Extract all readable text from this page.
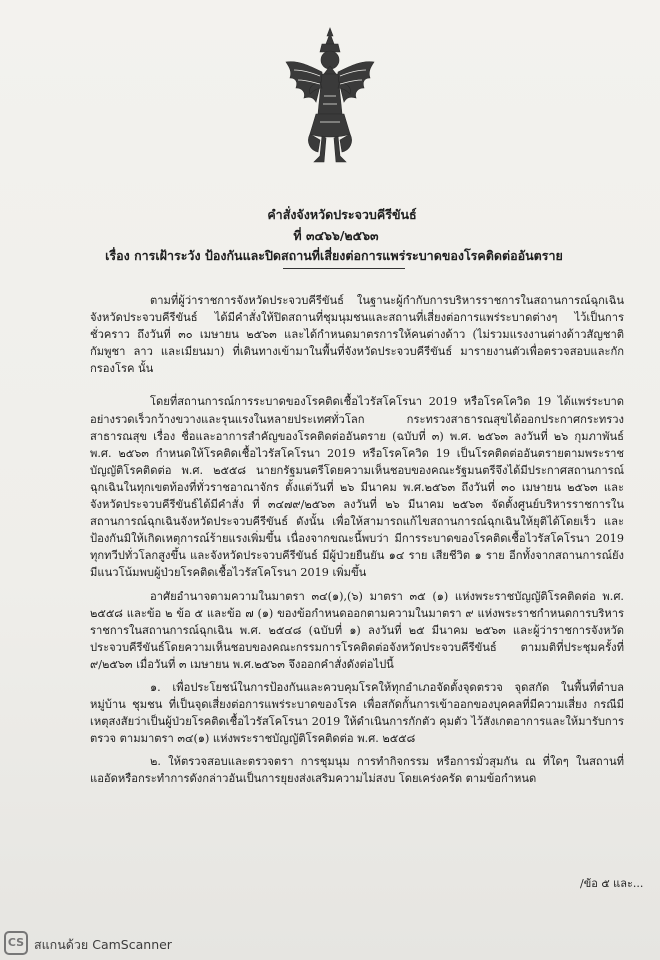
คำสั่งจังหวัดประจวบคีรีขันธ์
ที่ ๓๔๖๖/๒๕๖๓
เรื่อง การเฝ้าระวัง ป้องกันและปิดสถานที่เสี่ยงต่อการแพร่ระบาดของโรคติดต่ออันตราย

ตามที่ผู้ว่าราชการจังหวัดประจวบคีรีขันธ์ ในฐานะผู้กำกับการบริหารราชการในสถานการณ์ฉุกเฉินจังหวัดประจวบคีรีขันธ์ ได้มีคำสั่งให้ปิดสถานที่ชุมนุมชนและสถานที่เสี่ยงต่อการแพร่ระบาดต่างๆ ไว้เป็นการชั่วคราว ถึงวันที่ ๓๐ เมษายน ๒๕๖๓ และได้กำหนดมาตรการให้คนต่างด้าว (ไม่รวมแรงงานต่างด้าวสัญชาติกัมพูชา ลาว และเมียนมา) ที่เดินทางเข้ามาในพื้นที่จังหวัดประจวบคีรีขันธ์ มารายงานตัวเพื่อตรวจสอบและกักกรองโรค นั้น

โดยที่สถานการณ์การระบาดของโรคติดเชื้อไวรัสโคโรนา 2019 หรือโรคโควิด 19 ได้แพร่ระบาดอย่างรวดเร็วกว้างขวางและรุนแรงในหลายประเทศทั่วโลก กระทรวงสาธารณสุขได้ออกประกาศกระทรวงสาธารณสุข เรื่อง ชื่อและอาการสำคัญของโรคติดต่ออันตราย (ฉบับที่ ๓) พ.ศ. ๒๕๖๓ ลงวันที่ ๒๖ กุมภาพันธ์ พ.ศ. ๒๕๖๓ กำหนดให้โรคติดเชื้อไวรัสโคโรนา 2019 หรือโรคโควิด 19 เป็นโรคติดต่ออันตรายตามพระราชบัญญัติโรคติดต่อ พ.ศ. ๒๕๕๘ นายกรัฐมนตรีโดยความเห็นชอบของคณะรัฐมนตรีจึงได้มีประกาศสถานการณ์ฉุกเฉินในทุกเขตท้องที่ทั่วราชอาณาจักร ตั้งแต่วันที่ ๒๖ มีนาคม พ.ศ.๒๕๖๓ ถึงวันที่ ๓๐ เมษายน ๒๕๖๓ และจังหวัดประจวบคีรีขันธ์ได้มีคำสั่ง ที่ ๓๔๗๙/๒๕๖๓ ลงวันที่ ๒๖ มีนาคม ๒๕๖๓ จัดตั้งศูนย์บริหารราชการในสถานการณ์ฉุกเฉินจังหวัดประจวบคีรีขันธ์ ดังนั้น เพื่อให้สามารถแก้ไขสถานการณ์ฉุกเฉินให้ยุติได้โดยเร็ว และป้องกันมิให้เกิดเหตุการณ์ร้ายแรงเพิ่มขึ้น เนื่องจากขณะนี้พบว่า มีการระบาดของโรคติดเชื้อไวรัสโคโรนา 2019 ทุกทวีปทั่วโลกสูงขึ้น และจังหวัดประจวบคีรีขันธ์ มีผู้ป่วยยืนยัน ๑๔ ราย เสียชีวิต ๑ ราย อีกทั้งจากสถานการณ์ยังมีแนวโน้มพบผู้ป่วยโรคติดเชื้อไวรัสโคโรนา 2019 เพิ่มขึ้น

อาศัยอำนาจตามความในมาตรา ๓๔(๑),(๖) มาตรา ๓๕ (๑) แห่งพระราชบัญญัติโรคติดต่อ พ.ศ. ๒๕๕๘ และข้อ ๒ ข้อ ๕ และข้อ ๗ (๑) ของข้อกำหนดออกตามความในมาตรา ๙ แห่งพระราชกำหนดการบริหารราชการในสถานการณ์ฉุกเฉิน พ.ศ. ๒๕๔๘ (ฉบับที่ ๑) ลงวันที่ ๒๕ มีนาคม ๒๕๖๓ และผู้ว่าราชการจังหวัดประจวบคีรีขันธ์โดยความเห็นชอบของคณะกรรมการโรคติดต่อจังหวัดประจวบคีรีขันธ์ ตามมติที่ประชุมครั้งที่ ๙/๒๕๖๓ เมื่อวันที่ ๓ เมษายน พ.ศ.๒๕๖๓ จึงออกคำสั่งดังต่อไปนี้

๑. เพื่อประโยชน์ในการป้องกันและควบคุมโรคให้ทุกอำเภอจัดตั้งจุดตรวจ จุดสกัด ในพื้นที่ตำบล หมู่บ้าน ชุมชน ที่เป็นจุดเสี่ยงต่อการแพร่ระบาดของโรค เพื่อสกัดกั้นการเข้าออกของบุคคลที่มีความเสี่ยง กรณีมีเหตุสงสัยว่าเป็นผู้ป่วยโรคติดเชื้อไวรัสโคโรนา 2019 ให้ดำเนินการกักตัว คุมตัว ไว้สังเกตอาการและให้มารับการตรวจ ตามมาตรา ๓๔(๑) แห่งพระราชบัญญัติโรคติดต่อ พ.ศ. ๒๕๕๘

๒. ให้ตรวจสอบและตรวจตรา การชุมนุม การทำกิจกรรม หรือการมั่วสุมกัน ณ ที่ใดๆ ในสถานที่แออัดหรือกระทำการดังกล่าวอันเป็นการยุยงส่งเสริมความไม่สงบ โดยเคร่งครัด ตามข้อกำหนด

/ข้อ ๕ และ...
CS สแกนด้วย CamScanner
